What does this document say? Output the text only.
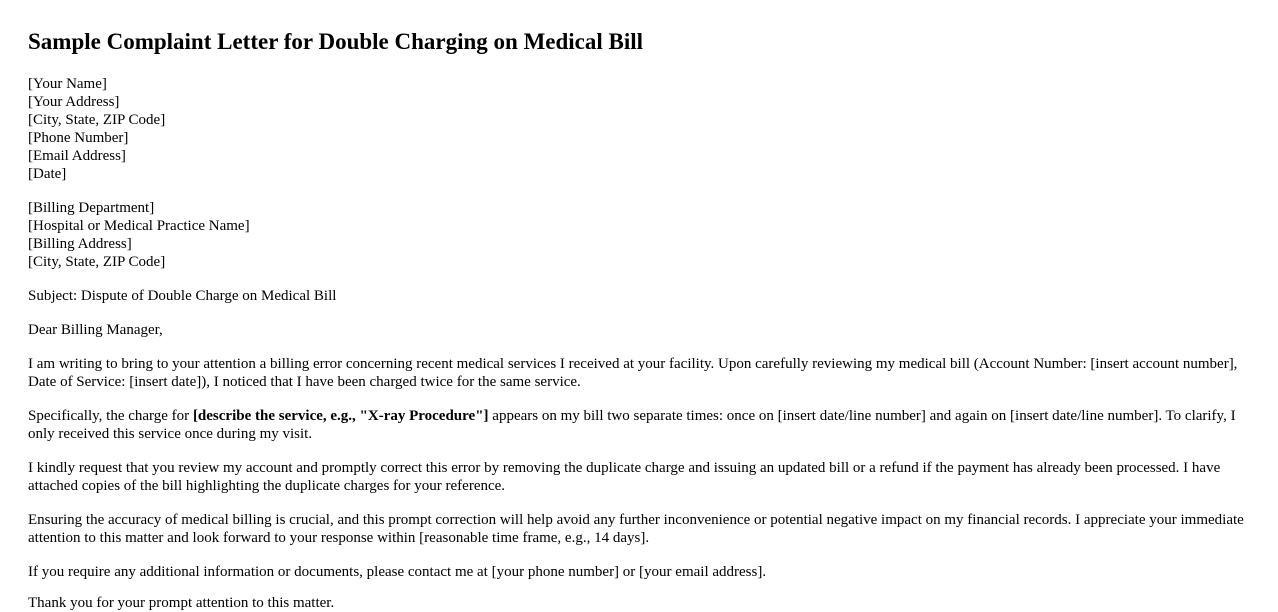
Sample Complaint Letter for Double Charging on Medical Bill
[Your Name]
[Your Address]
[City, State, ZIP Code]
[Phone Number]
[Email Address]
[Date]
[Billing Department]
[Hospital or Medical Practice Name]
[Billing Address]
[City, State, ZIP Code]

Subject: Dispute of Double Charge on Medical Bill

Dear Billing Manager,

I am writing to bring to your attention a billing error concerning recent medical services I received at your facility. Upon carefully reviewing my medical bill (Account Number: [insert account number], Date of Service: [insert date]), I noticed that I have been charged twice for the same service.

Specifically, the charge for [describe the service, e.g., "X-ray Procedure"] appears on my bill two separate times: once on [insert date/line number] and again on [insert date/line number]. To clarify, I only received this service once during my visit.

I kindly request that you review my account and promptly correct this error by removing the duplicate charge and issuing an updated bill or a refund if the payment has already been processed. I have attached copies of the bill highlighting the duplicate charges for your reference.

Ensuring the accuracy of medical billing is crucial, and this prompt correction will help avoid any further inconvenience or potential negative impact on my financial records. I appreciate your immediate attention to this matter and look forward to your response within [reasonable time frame, e.g., 14 days].

If you require any additional information or documents, please contact me at [your phone number] or [your email address].

Thank you for your prompt attention to this matter.
